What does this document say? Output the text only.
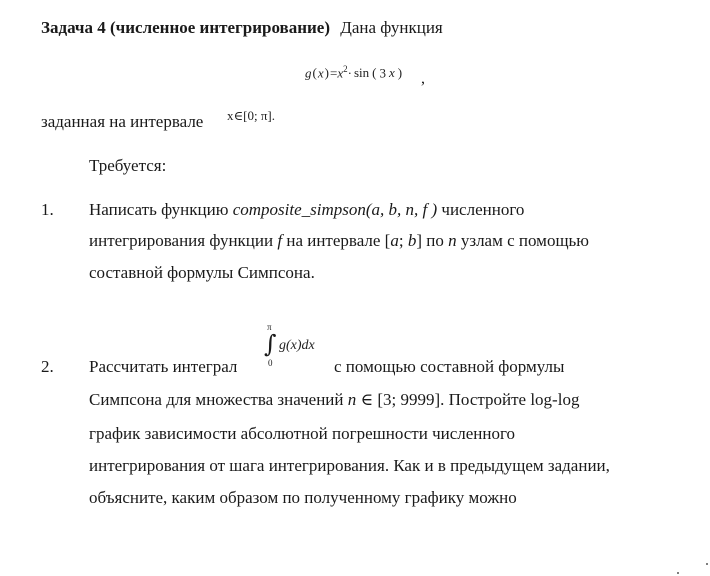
Задача 4 (численное интегрирование) Дана функция
$g(x)=x^2\cdot \sin$ ( 3 x ) ,
заданная на интервале x∈[0; π].
Требуется:
1. Написать функцию composite_simpson(a, b, n, f ) численного
интегрирования функции f на интервале [a; b] по n узлам с помощью
составной формулы Симпсона.
2. Рассчитать интеграл
π
∫
0
g(x)dx
с помощью составной формулы
Симпсона для множества значений n ∈ [3; 9999]. Постройте log-log
график зависимости абсолютной погрешности численного
интегрирования от шага интегрирования. Как и в предыдущем задании,
объясните, каким образом по полученному графику можно
